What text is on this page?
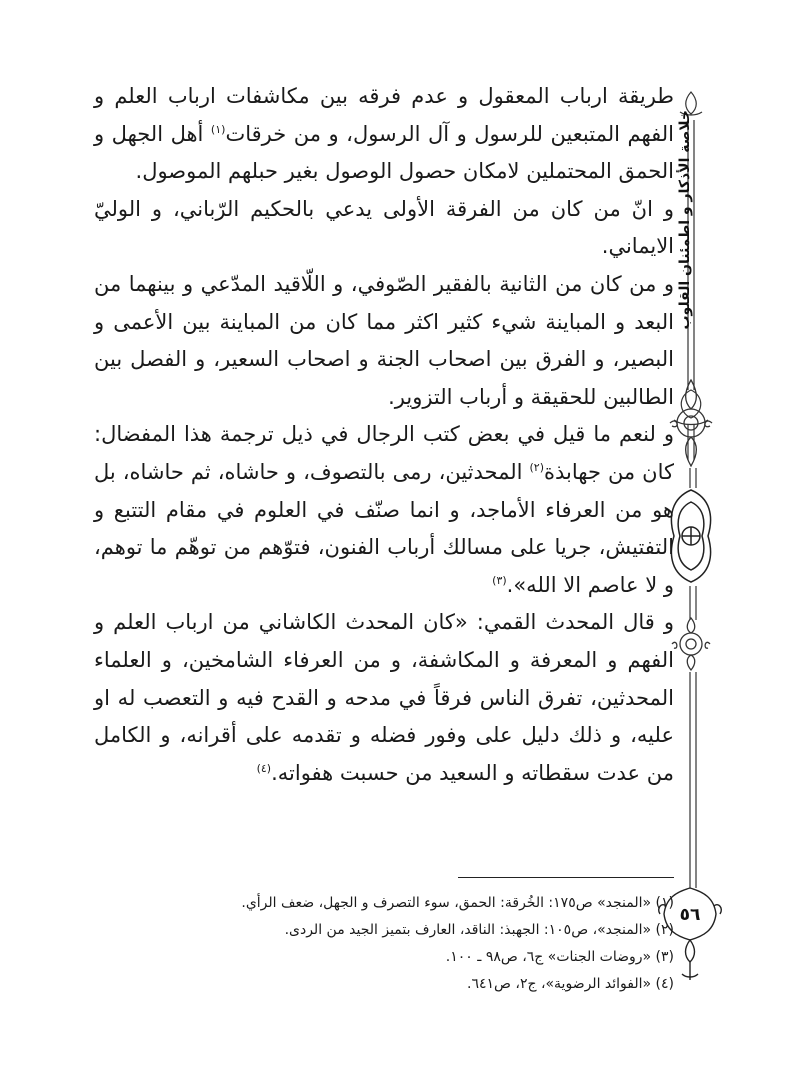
خلاصة الأذكار و اطمئنان القلوب
٥٦

طريقة ارباب المعقول و عدم فرقه بين مكاشفات ارباب العلم و الفهم المتبعين للرسول و آل الرسول، و من خرقات$^{(١)}$ أهل الجهل و الحمق المحتملين لامكان حصول الوصول بغير حبلهم الموصول.

و انّ من كان من الفرقة الأولى يدعي بالحكيم الرّباني، و الوليّ الايماني.

و من كان من الثانية بالفقير الصّوفي، و اللّاقيد المدّعي و بينهما من البعد و المباينة شيء كثير اكثر مما كان من المباينة بين الأعمى و البصير، و الفرق بين اصحاب الجنة و اصحاب السعير، و الفصل بين الطالبين للحقيقة و أرباب التزوير.

و لنعم ما قيل في بعض كتب الرجال في ذيل ترجمة هذا المفضال: كان من جهابذة$^{(٢)}$ المحدثين، رمى بالتصوف، و حاشاه، ثم حاشاه، بل هو من العرفاء الأماجد، و انما صنّف في العلوم في مقام التتبع و التفتيش، جريا على مسالك أرباب الفنون، فتوّهم من توهّم ما توهم، و لا عاصم الا الله».$^{(٣)}$

و قال المحدث القمي: «كان المحدث الكاشاني من ارباب العلم و الفهم و المعرفة و المكاشفة، و من العرفاء الشامخين، و العلماء المحدثين، تفرق الناس فرقاً في مدحه و القدح فيه و التعصب له او عليه، و ذلك دليل على وفور فضله و تقدمه على أقرانه، و الكامل من عدت سقطاته و السعيد من حسبت هفواته.$^{(٤)}$

(١) «المنجد» ص١٧٥: الخُرقة: الحمق، سوء التصرف و الجهل، ضعف الرأي.
(٢) «المنجد»، ص١٠٥: الجهبذ: الناقد، العارف بتميز الجيد من الردى.
(٣) «روضات الجنات» ج٦، ص٩٨ ـ ١٠٠.
(٤) «الفوائد الرضوية»، ج٢، ص٦٤١.
